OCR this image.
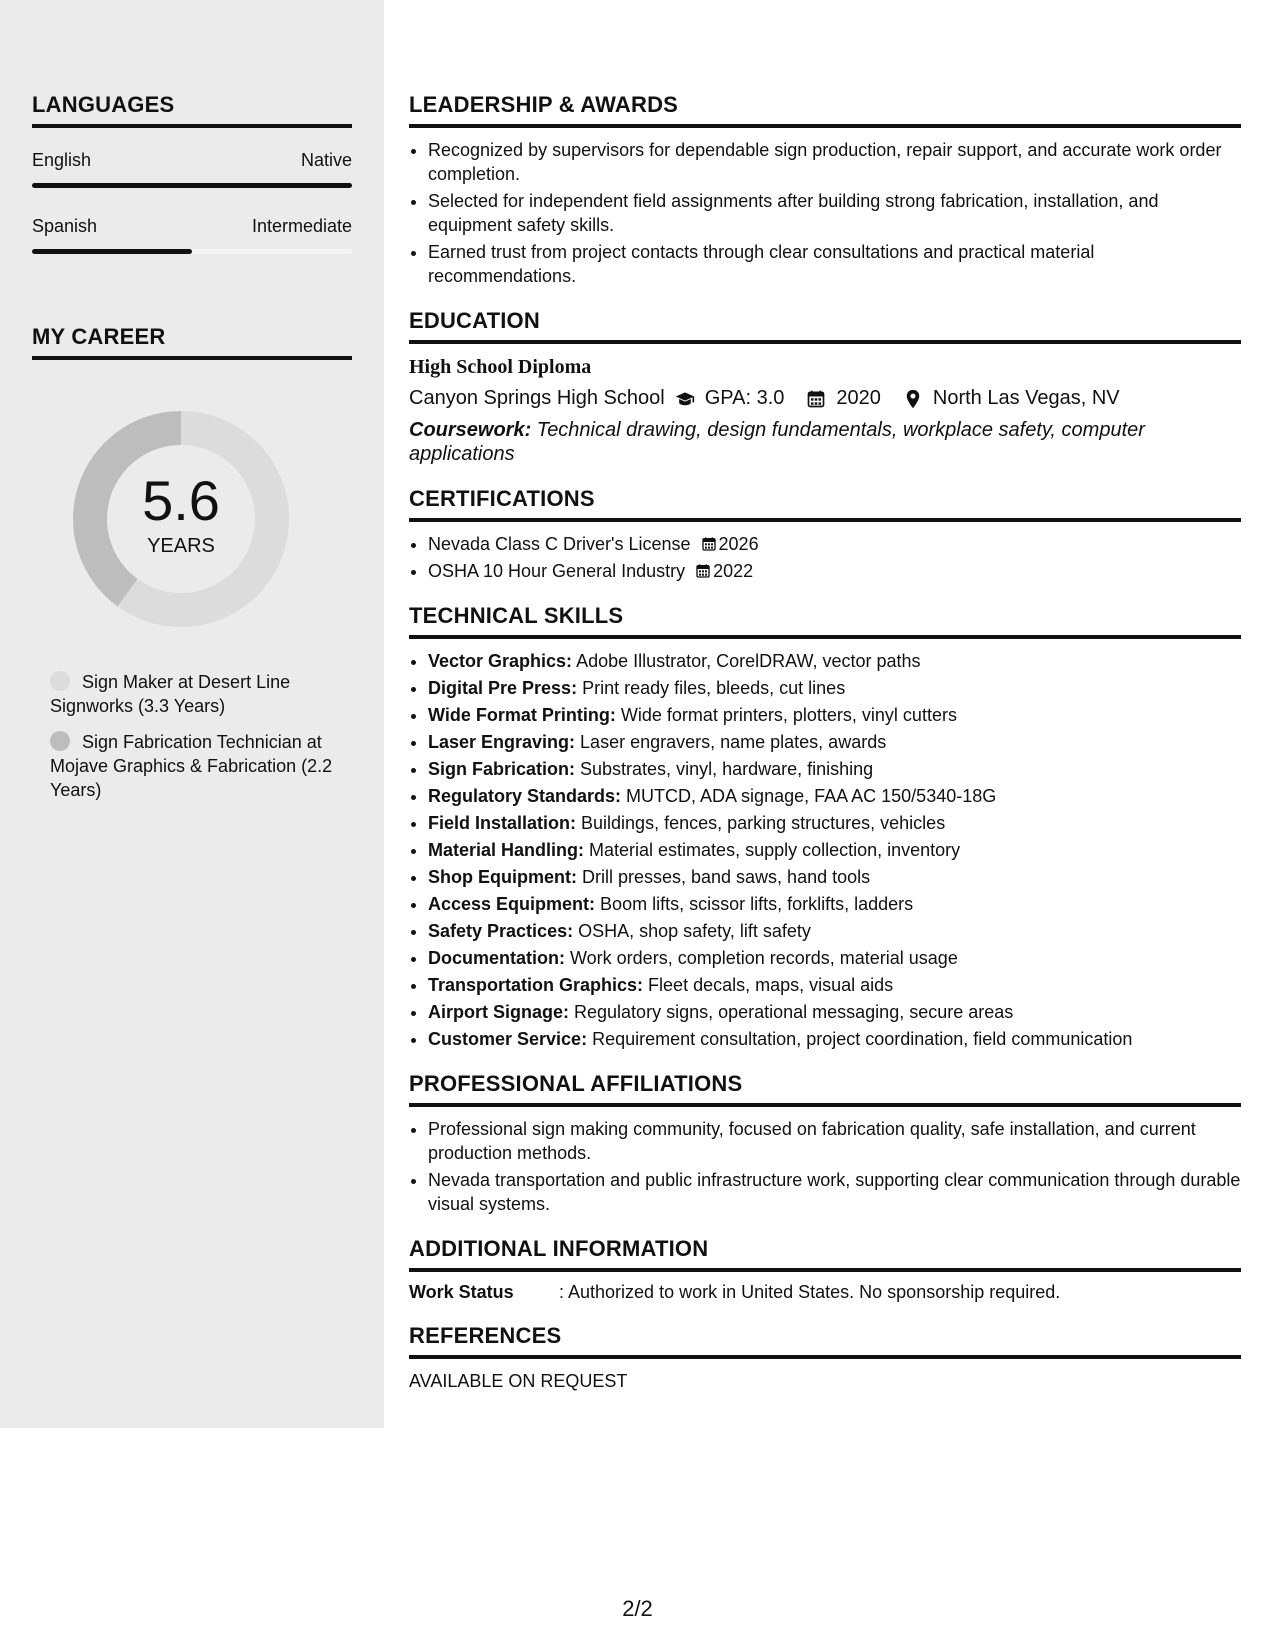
LANGUAGES
English	Native
Spanish	Intermediate
MY CAREER
5.6
YEARS
Sign Maker at Desert Line Signworks (3.3 Years)
Sign Fabrication Technician at Mojave Graphics & Fabrication (2.2 Years)
LEADERSHIP & AWARDS
• Recognized by supervisors for dependable sign production, repair support, and accurate work order completion.
• Selected for independent field assignments after building strong fabrication, installation, and equipment safety skills.
• Earned trust from project contacts through clear consultations and practical material recommendations.
EDUCATION
High School Diploma
Canyon Springs High School GPA: 3.0	2020	North Las Vegas, NV
Coursework: Technical drawing, design fundamentals, workplace safety, computer applications
CERTIFICATIONS
• Nevada Class C Driver's License 2026
• OSHA 10 Hour General Industry 2022
TECHNICAL SKILLS
• Vector Graphics: Adobe Illustrator, CorelDRAW, vector paths
• Digital Pre Press: Print ready files, bleeds, cut lines
• Wide Format Printing: Wide format printers, plotters, vinyl cutters
• Laser Engraving: Laser engravers, name plates, awards
• Sign Fabrication: Substrates, vinyl, hardware, finishing
• Regulatory Standards: MUTCD, ADA signage, FAA AC 150/5340-18G
• Field Installation: Buildings, fences, parking structures, vehicles
• Material Handling: Material estimates, supply collection, inventory
• Shop Equipment: Drill presses, band saws, hand tools
• Access Equipment: Boom lifts, scissor lifts, forklifts, ladders
• Safety Practices: OSHA, shop safety, lift safety
• Documentation: Work orders, completion records, material usage
• Transportation Graphics: Fleet decals, maps, visual aids
• Airport Signage: Regulatory signs, operational messaging, secure areas
• Customer Service: Requirement consultation, project coordination, field communication
PROFESSIONAL AFFILIATIONS
• Professional sign making community, focused on fabrication quality, safe installation, and current production methods.
• Nevada transportation and public infrastructure work, supporting clear communication through durable visual systems.
ADDITIONAL INFORMATION
Work Status	: Authorized to work in United States. No sponsorship required.
REFERENCES
AVAILABLE ON REQUEST
2/2
